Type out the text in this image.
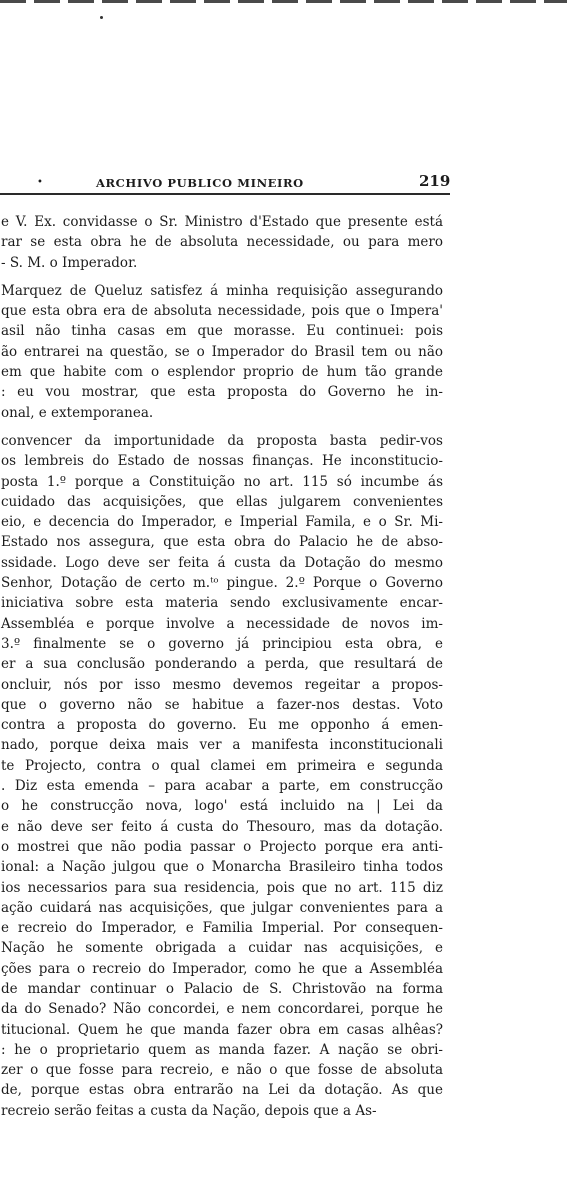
•	ARCHIVO PUBLICO MINEIRO	219
e V. Ex. convidasse o Sr. Ministro d'Estado que presente está
rar se esta obra he de absoluta necessidade, ou para mero
- S. M. o Imperador.
Marquez de Queluz satisfez á minha requisição assegurando
que esta obra era de absoluta necessidade, pois que o Impera'
asil não tinha casas em que morasse. Eu continuei: pois
ão entrarei na questão, se o Imperador do Brasil tem ou não
em que habite com o esplendor proprio de hum tão grande
: eu vou mostrar, que esta proposta do Governo he in-
onal, e extemporanea.
convencer da importunidade da proposta basta pedir-vos
os lembreis do Estado de nossas finanças. He inconstitucio-
posta 1.º porque a Constituição no art. 115 só incumbe ás
cuidado das acquisições, que ellas julgarem convenientes
eio, e decencia do Imperador, e Imperial Famila, e o Sr. Mi-
Estado nos assegura, que esta obra do Palacio he de abso-
ssidade. Logo deve ser feita á custa da Dotação do mesmo
Senhor, Dotação de certo m.ᵗᵒ pingue. 2.º Porque o Governo
iniciativa sobre esta materia sendo exclusivamente encar-
Assembléa e porque involve a necessidade de novos im-
3.º finalmente se o governo já principiou esta obra, e
er a sua conclusão ponderando a perda, que resultará de
oncluir, nós por isso mesmo devemos regeitar a propos-
que o governo não se habitue a fazer-nos destas. Voto
contra a proposta do governo. Eu me opponho á emen-
nado, porque deixa mais ver a manifesta inconstitucionali
te Projecto, contra o qual clamei em primeira e segunda
. Diz esta emenda – para acabar a parte, em construcção
o he construcção nova, logo' está incluido na | Lei da
e não deve ser feito á custa do Thesouro, mas da dotação.
o mostrei que não podia passar o Projecto porque era anti-
ional: a Nação julgou que o Monarcha Brasileiro tinha todos
ios necessarios para sua residencia, pois que no art. 115 diz
ação cuidará nas acquisições, que julgar convenientes para a
e recreio do Imperador, e Familia Imperial. Por consequen-
Nação he somente obrigada a cuidar nas acquisições, e
ções para o recreio do Imperador, como he que a Assembléa
de mandar continuar o Palacio de S. Christovão na forma
da do Senado? Não concordei, e nem concordarei, porque he
titucional. Quem he que manda fazer obra em casas alhêas?
: he o proprietario quem as manda fazer. A nação se obri-
zer o que fosse para recreio, e não o que fosse de absoluta
de, porque estas obra entrarão na Lei da dotação. As que
recreio serão feitas a custa da Nação, depois que a As-
